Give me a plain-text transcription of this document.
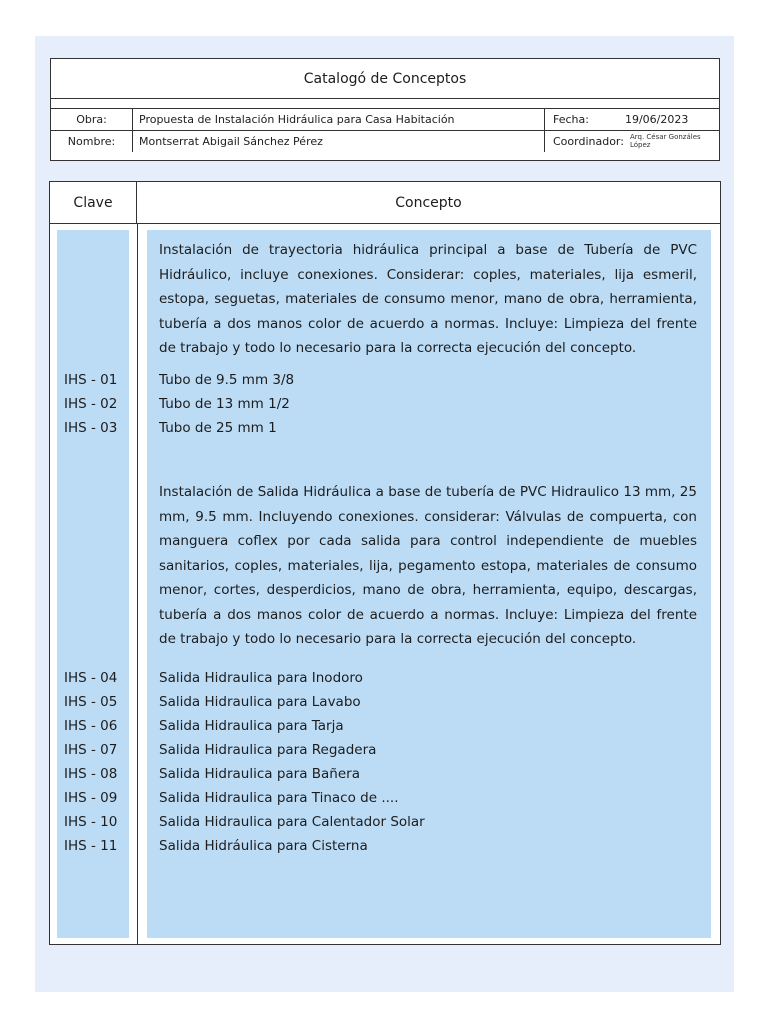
Catalogó de Conceptos
Obra:	Propuesta de Instalación Hidráulica para Casa Habitación	Fecha:	19/06/2023
Nombre:	Montserrat Abigail Sánchez Pérez	Coordinador: Arq. César Gonzáles López
Clave	Concepto
Instalación de trayectoria hidráulica principal a base de Tubería de PVC Hidráulico, incluye conexiones. Considerar: coples, materiales, lija esmeril, estopa, seguetas, materiales de consumo menor, mano de obra, herramienta, tubería a dos manos color de acuerdo a normas. Incluye: Limpieza del frente de trabajo y todo lo necesario para la correcta ejecución del concepto.
IHS - 01	Tubo de 9.5 mm 3/8
IHS - 02	Tubo de 13 mm 1/2
IHS - 03	Tubo de 25 mm 1
Instalación de Salida Hidráulica a base de tubería de PVC Hidraulico 13 mm, 25 mm, 9.5 mm. Incluyendo conexiones. considerar: Válvulas de compuerta, con manguera coflex por cada salida para control independiente de muebles sanitarios, coples, materiales, lija, pegamento estopa, materiales de consumo menor, cortes, desperdicios, mano de obra, herramienta, equipo, descargas, tubería a dos manos color de acuerdo a normas. Incluye: Limpieza del frente de trabajo y todo lo necesario para la correcta ejecución del concepto.
IHS - 04	Salida Hidraulica para Inodoro
IHS - 05	Salida Hidraulica para Lavabo
IHS - 06	Salida Hidraulica para Tarja
IHS - 07	Salida Hidraulica para Regadera
IHS - 08	Salida Hidraulica para Bañera
IHS - 09	Salida Hidraulica para Tinaco de ....
IHS - 10	Salida Hidraulica para Calentador Solar
IHS - 11	Salida Hidráulica para Cisterna
